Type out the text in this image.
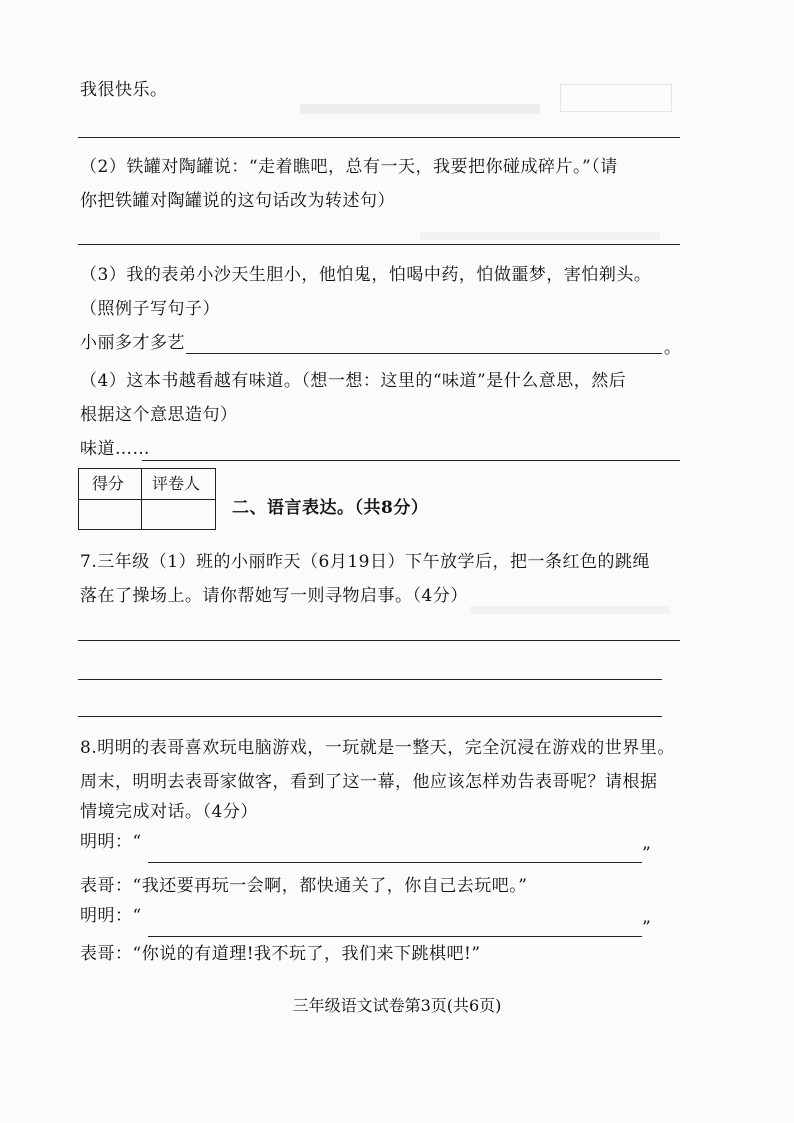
我很快乐。
（2）铁罐对陶罐说：“走着瞧吧，总有一天，我要把你碰成碎片。”（请
你把铁罐对陶罐说的这句话改为转述句）
（3）我的表弟小沙天生胆小，他怕鬼，怕喝中药，怕做噩梦，害怕剃头。
（照例子写句子）
小丽多才多艺	。
（4）这本书越看越有味道。（想一想：这里的“味道”是什么意思，然后
根据这个意思造句）
味道……
得分 评卷人
二、语言表达。（共8分）
7.三年级（1）班的小丽昨天（6月19日）下午放学后，把一条红色的跳绳
落在了操场上。请你帮她写一则寻物启事。（4分）
8.明明的表哥喜欢玩电脑游戏，一玩就是一整天，完全沉浸在游戏的世界里。
周末，明明去表哥家做客，看到了这一幕，他应该怎样劝告表哥呢？请根据
情境完成对话。（4分）
明明：“
”
表哥：“我还要再玩一会啊，都快通关了，你自己去玩吧。”
明明：“
”
表哥：“你说的有道理!我不玩了，我们来下跳棋吧!”
三年级语文试卷第3页(共6页)
